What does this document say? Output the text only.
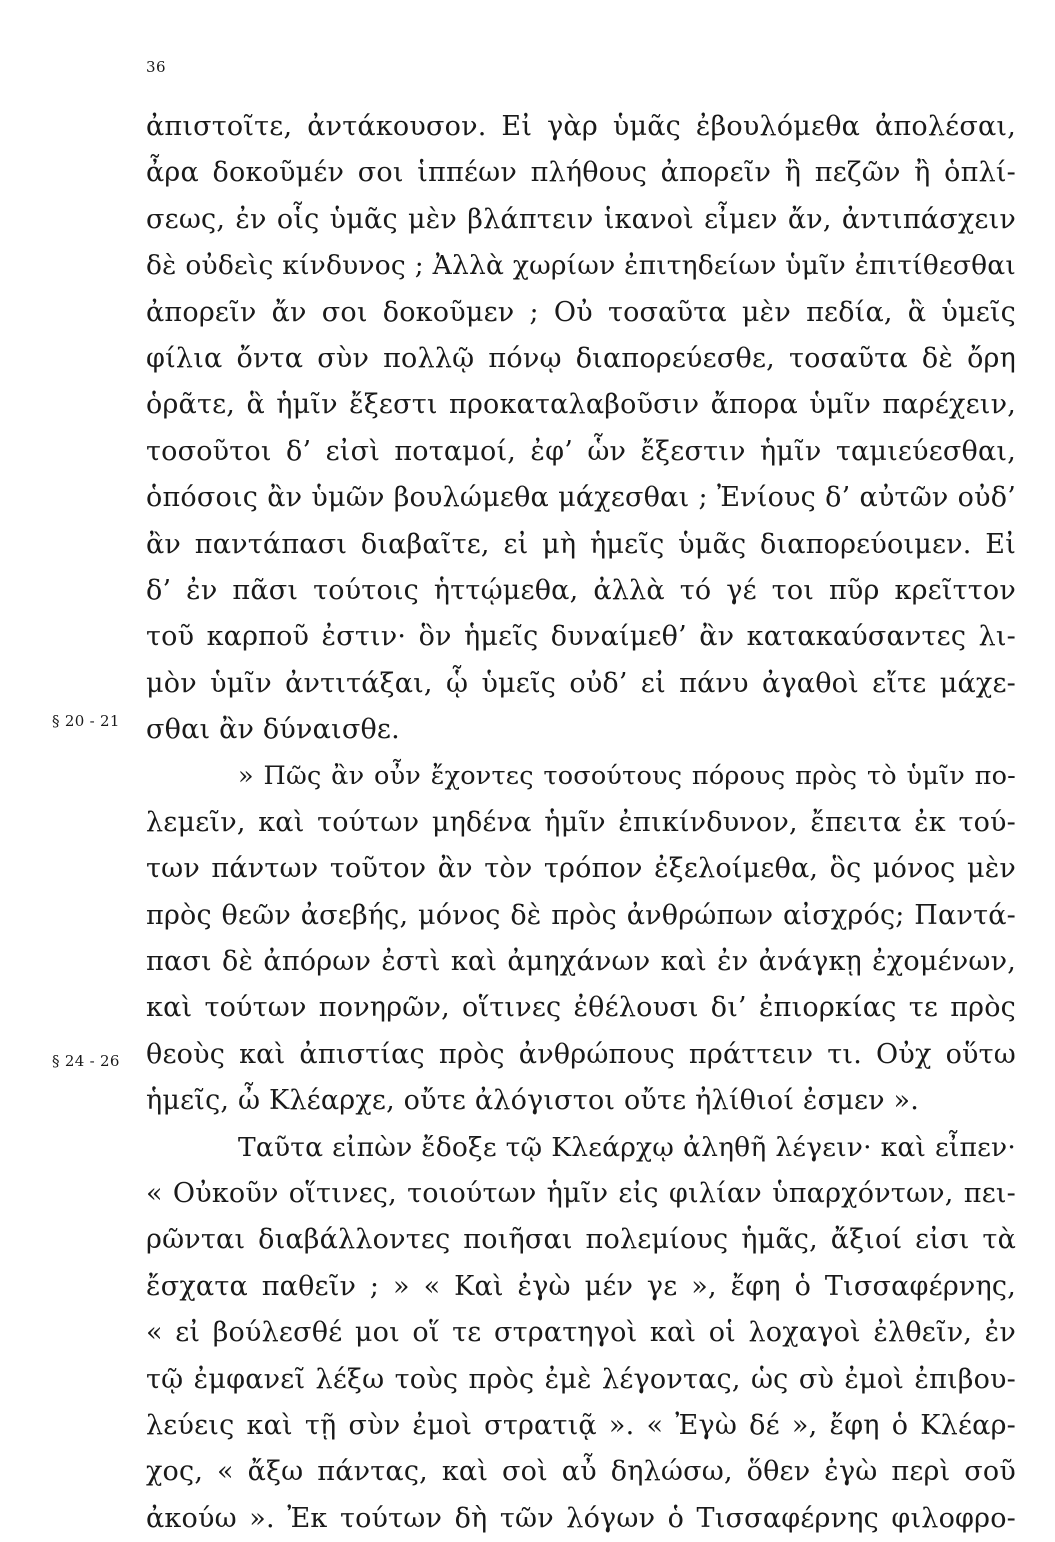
36
§ 20 - 21
§ 24 - 26
ἀπιστοῖτε, ἀντάκουσον. Εἰ γὰρ ὑμᾶς ἐβουλόμεθα ἀπολέσαι,
ἆρα δοκοῦμέν σοι ἱππέων πλήθους ἀπορεῖν ἢ πεζῶν ἢ ὁπλί-
σεως, ἐν οἷς ὑμᾶς μὲν βλάπτειν ἱκανοὶ εἶμεν ἄν, ἀντιπάσχειν
δὲ οὐδεὶς κίνδυνος ; Ἀλλὰ χωρίων ἐπιτηδείων ὑμῖν ἐπιτίθεσθαι
ἀπορεῖν ἄν σοι δοκοῦμεν ; Οὐ τοσαῦτα μὲν πεδία, ἃ ὑμεῖς
φίλια ὄντα σὺν πολλῷ πόνῳ διαπορεύεσθε, τοσαῦτα δὲ ὄρη
ὁρᾶτε, ἃ ἡμῖν ἔξεστι προκαταλαβοῦσιν ἄπορα ὑμῖν παρέχειν,
τοσοῦτοι δ’ εἰσὶ ποταμοί, ἐφ’ ὧν ἔξεστιν ἡμῖν ταμιεύεσθαι,
ὁπόσοις ἂν ὑμῶν βουλώμεθα μάχεσθαι ; Ἐνίους δ’ αὐτῶν οὐδ’
ἂν παντάπασι διαβαῖτε, εἰ μὴ ἡμεῖς ὑμᾶς διαπορεύοιμεν. Εἰ
δ’ ἐν πᾶσι τούτοις ἡττῴμεθα, ἀλλὰ τό γέ τοι πῦρ κρεῖττον
τοῦ καρποῦ ἐστιν· ὃν ἡμεῖς δυναίμεθ’ ἂν κατακαύσαντες λι-
μὸν ὑμῖν ἀντιτάξαι, ᾧ ὑμεῖς οὐδ’ εἰ πάνυ ἀγαθοὶ εἴτε μάχε-
σθαι ἂν δύναισθε.
» Πῶς ἂν οὖν ἔχοντες τοσούτους πόρους πρὸς τὸ ὑμῖν πο-
λεμεῖν, καὶ τούτων μηδένα ἡμῖν ἐπικίνδυνον, ἔπειτα ἐκ τού-
των πάντων τοῦτον ἂν τὸν τρόπον ἐξελοίμεθα, ὃς μόνος μὲν
πρὸς θεῶν ἀσεβής, μόνος δὲ πρὸς ἀνθρώπων αἰσχρός; Παντά-
πασι δὲ ἀπόρων ἐστὶ καὶ ἀμηχάνων καὶ ἐν ἀνάγκῃ ἐχομένων,
καὶ τούτων πονηρῶν, οἵτινες ἐθέλουσι δι’ ἐπιορκίας τε πρὸς
θεοὺς καὶ ἀπιστίας πρὸς ἀνθρώπους πράττειν τι. Οὐχ οὕτω
ἡμεῖς, ὦ Κλέαρχε, οὔτε ἀλόγιστοι οὔτε ἠλίθιοί ἐσμεν ».
Ταῦτα εἰπὼν ἔδοξε τῷ Κλεάρχῳ ἀληθῆ λέγειν· καὶ εἶπεν·
« Οὐκοῦν οἵτινες, τοιούτων ἡμῖν εἰς φιλίαν ὑπαρχόντων, πει-
ρῶνται διαβάλλοντες ποιῆσαι πολεμίους ἡμᾶς, ἄξιοί εἰσι τὰ
ἔσχατα παθεῖν ; » « Καὶ ἐγὼ μέν γε », ἔφη ὁ Τισσαφέρνης,
« εἰ βούλεσθέ μοι οἵ τε στρατηγοὶ καὶ οἱ λοχαγοὶ ἐλθεῖν, ἐν
τῷ ἐμφανεῖ λέξω τοὺς πρὸς ἐμὲ λέγοντας, ὡς σὺ ἐμοὶ ἐπιβου-
λεύεις καὶ τῇ σὺν ἐμοὶ στρατιᾷ ». « Ἐγὼ δέ », ἔφη ὁ Κλέαρ-
χος, « ἄξω πάντας, καὶ σοὶ αὖ δηλώσω, ὅθεν ἐγὼ περὶ σοῦ
ἀκούω ». Ἐκ τούτων δὴ τῶν λόγων ὁ Τισσαφέρνης φιλοφρο-
